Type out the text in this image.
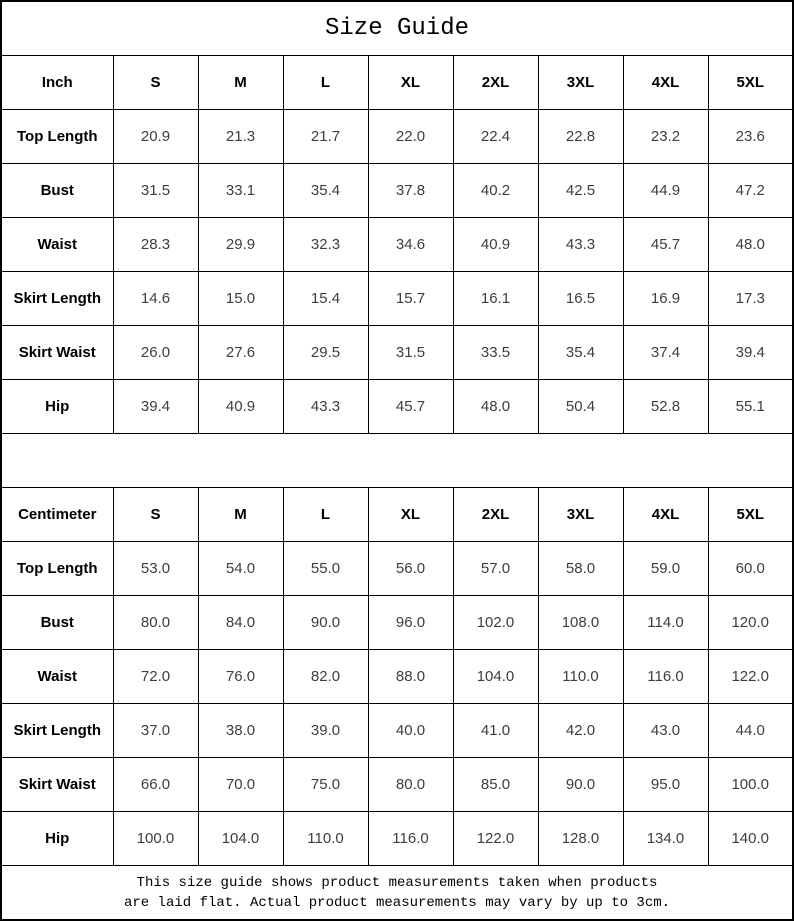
Size Guide								
Inch	S	M	L	XL	2XL	3XL	4XL	5XL
Top Length	20.9	21.3	21.7	22.0	22.4	22.8	23.2	23.6
Bust	31.5	33.1	35.4	37.8	40.2	42.5	44.9	47.2
Waist	28.3	29.9	32.3	34.6	40.9	43.3	45.7	48.0
Skirt Length	14.6	15.0	15.4	15.7	16.1	16.5	16.9	17.3
Skirt Waist	26.0	27.6	29.5	31.5	33.5	35.4	37.4	39.4
Hip	39.4	40.9	43.3	45.7	48.0	50.4	52.8	55.1

Centimeter	S	M	L	XL	2XL	3XL	4XL	5XL
Top Length	53.0	54.0	55.0	56.0	57.0	58.0	59.0	60.0
Bust	80.0	84.0	90.0	96.0	102.0	108.0	114.0	120.0
Waist	72.0	76.0	82.0	88.0	104.0	110.0	116.0	122.0
Skirt Length	37.0	38.0	39.0	40.0	41.0	42.0	43.0	44.0
Skirt Waist	66.0	70.0	75.0	80.0	85.0	90.0	95.0	100.0
Hip	100.0	104.0	110.0	116.0	122.0	128.0	134.0	140.0

This size guide shows product measurements taken when products
are laid flat. Actual product measurements may vary by up to 3cm.								
